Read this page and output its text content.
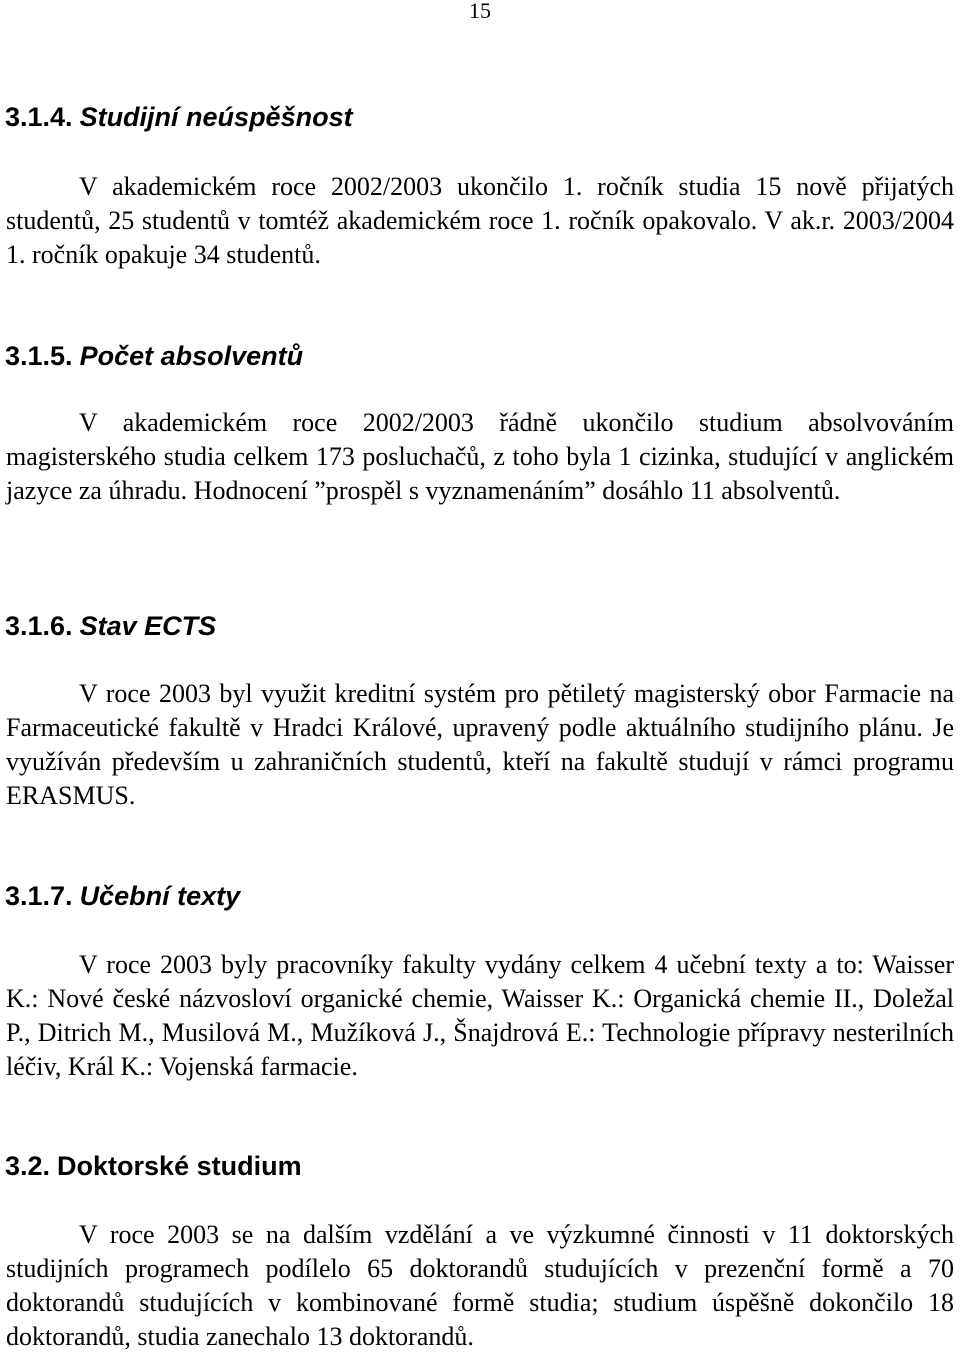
15
3.1.4. Studijní neúspěšnost

V akademickém roce 2002/2003 ukončilo 1. ročník studia 15 nově přijatých studentů, 25 studentů v tomtéž akademickém roce 1. ročník opakovalo. V ak.r. 2003/2004 1. ročník opakuje 34 studentů.

3.1.5. Počet absolventů

V akademickém roce 2002/2003 řádně ukončilo studium absolvováním magisterského studia celkem 173 posluchačů, z toho byla 1 cizinka, studující v anglickém jazyce za úhradu. Hodnocení ”prospěl s vyznamenáním” dosáhlo 11 absolventů.

3.1.6. Stav ECTS

V roce 2003 byl využit kreditní systém pro pětiletý magisterský obor Farmacie na Farmaceutické fakultě v Hradci Králové, upravený podle aktuálního studijního plánu. Je využíván především u zahraničních studentů, kteří na fakultě studují v rámci programu ERASMUS.

3.1.7. Učební texty

V roce 2003 byly pracovníky fakulty vydány celkem 4 učební texty a to: Waisser K.: Nové české názvosloví organické chemie, Waisser K.: Organická chemie II., Doležal P., Ditrich M., Musilová M., Mužíková J., Šnajdrová E.: Technologie přípravy nesterilních léčiv, Král K.: Vojenská farmacie.

3.2. Doktorské studium

V roce 2003 se na dalším vzdělání a ve výzkumné činnosti v 11 doktorských studijních programech podílelo 65 doktorandů studujících v prezenční formě a 70 doktorandů studujících v kombinované formě studia; studium úspěšně dokončilo 18 doktorandů, studia zanechalo 13 doktorandů.
